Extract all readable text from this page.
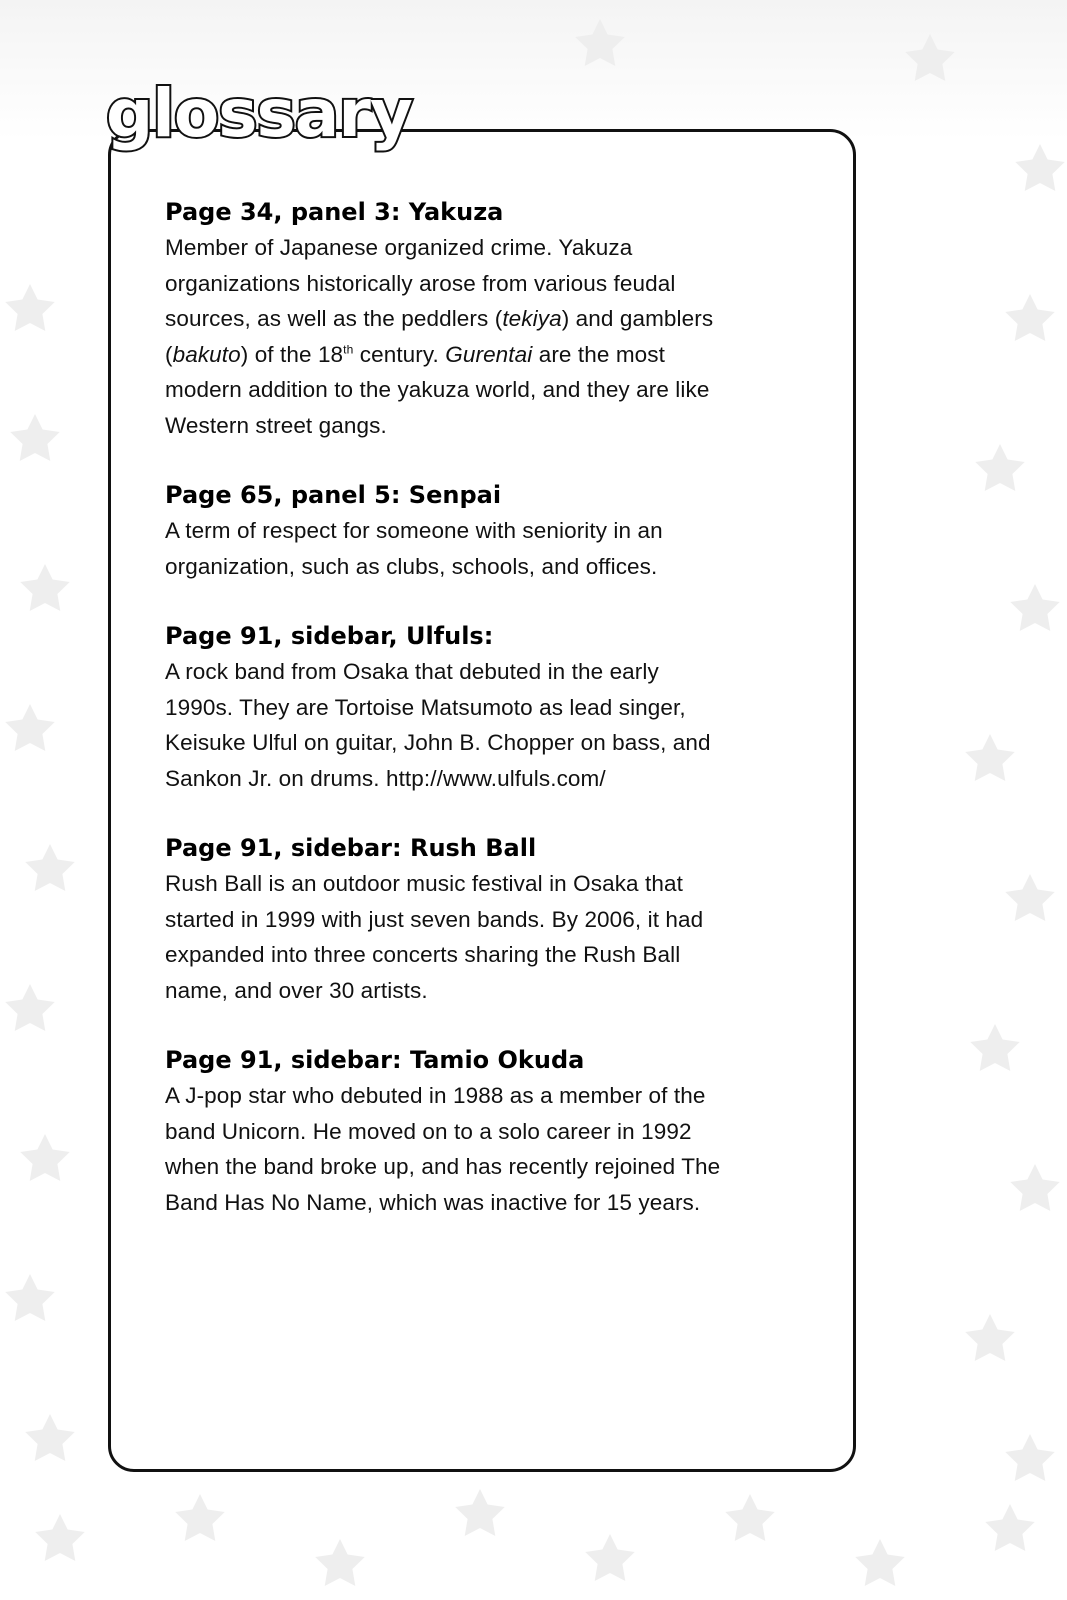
glossary

Page 34, panel 3: Yakuza

Member of Japanese organized crime. Yakuza organizations historically arose from various feudal sources, as well as the peddlers (tekiya) and gamblers (bakuto) of the 18th century. Gurentai are the most modern addition to the yakuza world, and they are like Western street gangs.

Page 65, panel 5: Senpai

A term of respect for someone with seniority in an organization, such as clubs, schools, and offices.

Page 91, sidebar, Ulfuls:

A rock band from Osaka that debuted in the early 1990s. They are Tortoise Matsumoto as lead singer, Keisuke Ulful on guitar, John B. Chopper on bass, and Sankon Jr. on drums. http://www.ulfuls.com/

Page 91, sidebar: Rush Ball

Rush Ball is an outdoor music festival in Osaka that started in 1999 with just seven bands. By 2006, it had expanded into three concerts sharing the Rush Ball name, and over 30 artists.

Page 91, sidebar: Tamio Okuda

A J-pop star who debuted in 1988 as a member of the band Unicorn. He moved on to a solo career in 1992 when the band broke up, and has recently rejoined The Band Has No Name, which was inactive for 15 years.
